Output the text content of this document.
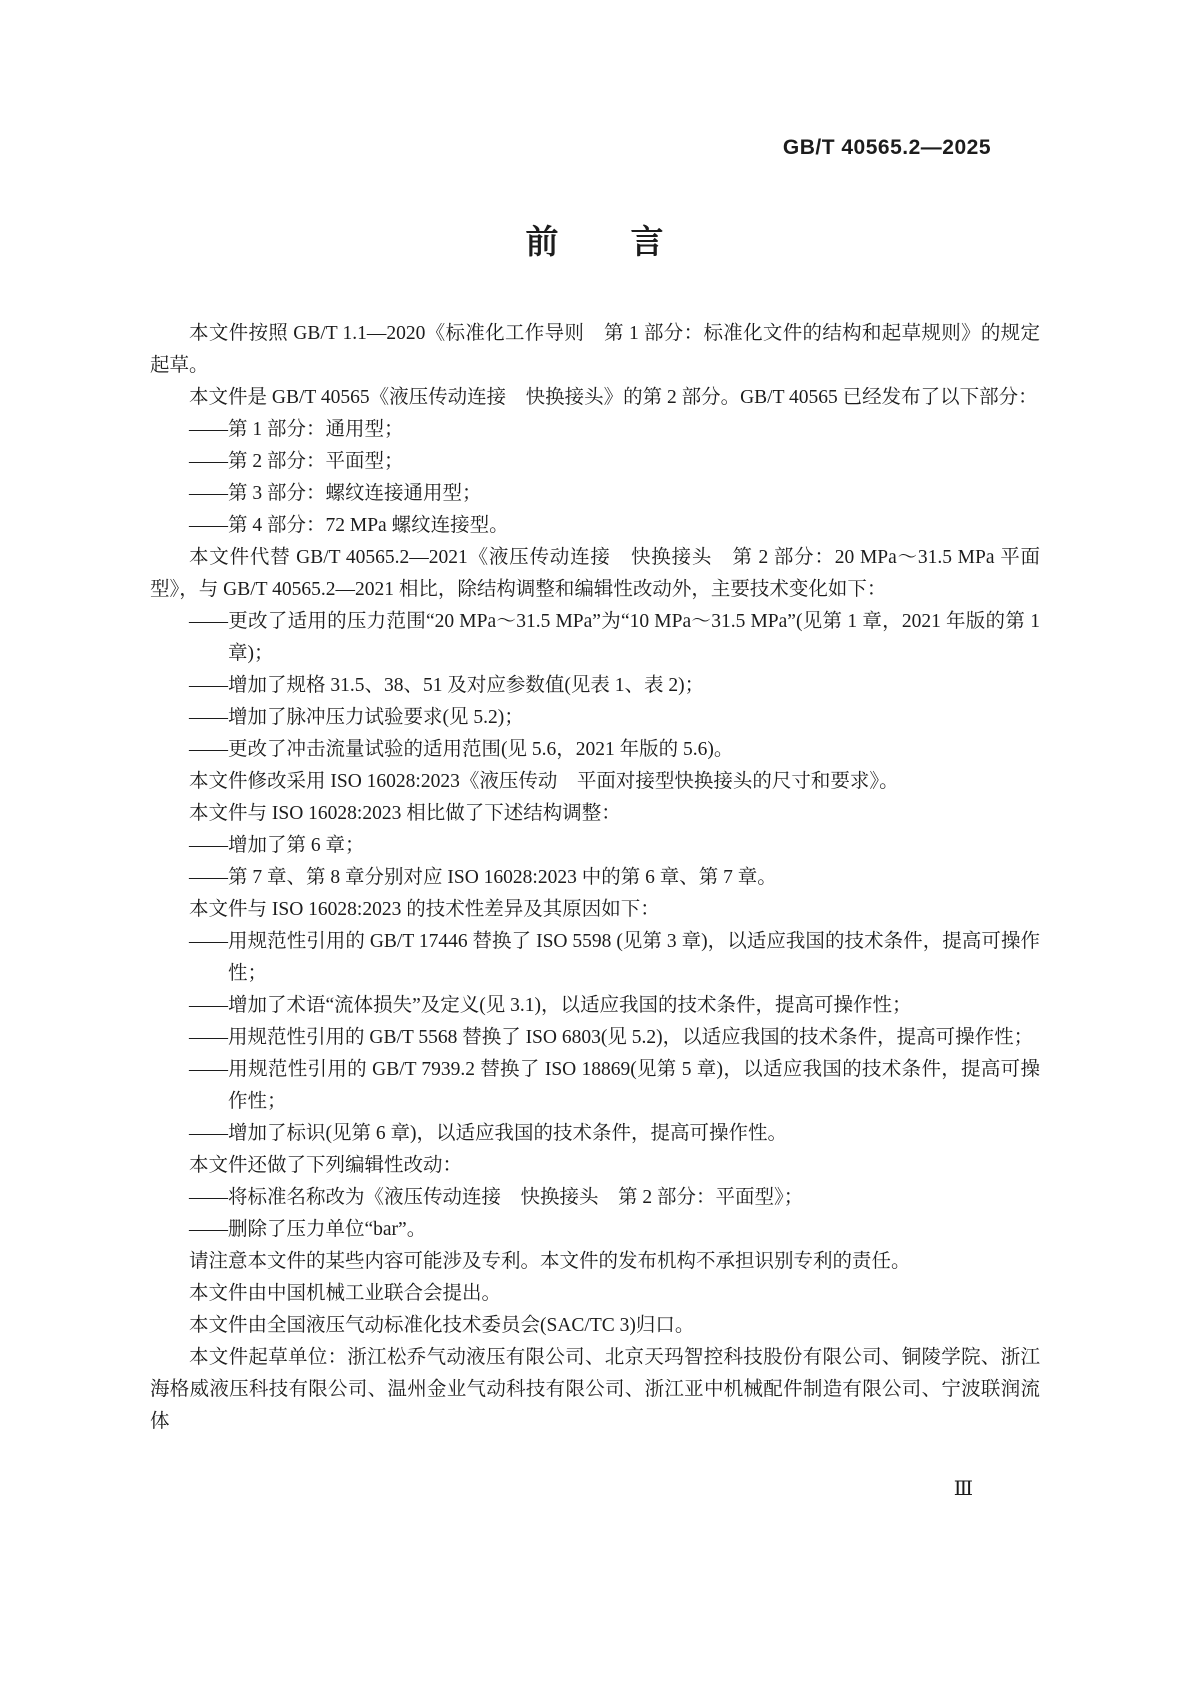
GB/T 40565.2—2025
前　　言

本文件按照 GB/T 1.1—2020《标准化工作导则　第 1 部分：标准化文件的结构和起草规则》的规定起草。

本文件是 GB/T 40565《液压传动连接　快换接头》的第 2 部分。GB/T 40565 已经发布了以下部分：

——第 1 部分：通用型；

——第 2 部分：平面型；

——第 3 部分：螺纹连接通用型；

——第 4 部分：72 MPa 螺纹连接型。

本文件代替 GB/T 40565.2—2021《液压传动连接　快换接头　第 2 部分：20 MPa～31.5 MPa 平面型》，与 GB/T 40565.2—2021 相比，除结构调整和编辑性改动外，主要技术变化如下：

——更改了适用的压力范围“20 MPa～31.5 MPa”为“10 MPa～31.5 MPa”(见第 1 章，2021 年版的第 1 章)；

——增加了规格 31.5、38、51 及对应参数值(见表 1、表 2)；

——增加了脉冲压力试验要求(见 5.2)；

——更改了冲击流量试验的适用范围(见 5.6，2021 年版的 5.6)。

本文件修改采用 ISO 16028:2023《液压传动　平面对接型快换接头的尺寸和要求》。

本文件与 ISO 16028:2023 相比做了下述结构调整：

——增加了第 6 章；

——第 7 章、第 8 章分别对应 ISO 16028:2023 中的第 6 章、第 7 章。

本文件与 ISO 16028:2023 的技术性差异及其原因如下：

——用规范性引用的 GB/T 17446 替换了 ISO 5598 (见第 3 章)，以适应我国的技术条件，提高可操作性；

——增加了术语“流体损失”及定义(见 3.1)，以适应我国的技术条件，提高可操作性；

——用规范性引用的 GB/T 5568 替换了 ISO 6803(见 5.2)，以适应我国的技术条件，提高可操作性；

——用规范性引用的 GB/T 7939.2 替换了 ISO 18869(见第 5 章)，以适应我国的技术条件，提高可操作性；

——增加了标识(见第 6 章)，以适应我国的技术条件，提高可操作性。

本文件还做了下列编辑性改动：

——将标准名称改为《液压传动连接　快换接头　第 2 部分：平面型》；

——删除了压力单位“bar”。

请注意本文件的某些内容可能涉及专利。本文件的发布机构不承担识别专利的责任。

本文件由中国机械工业联合会提出。

本文件由全国液压气动标准化技术委员会(SAC/TC 3)归口。

本文件起草单位：浙江松乔气动液压有限公司、北京天玛智控科技股份有限公司、铜陵学院、浙江海格威液压科技有限公司、温州金业气动科技有限公司、浙江亚中机械配件制造有限公司、宁波联润流体

Ⅲ
